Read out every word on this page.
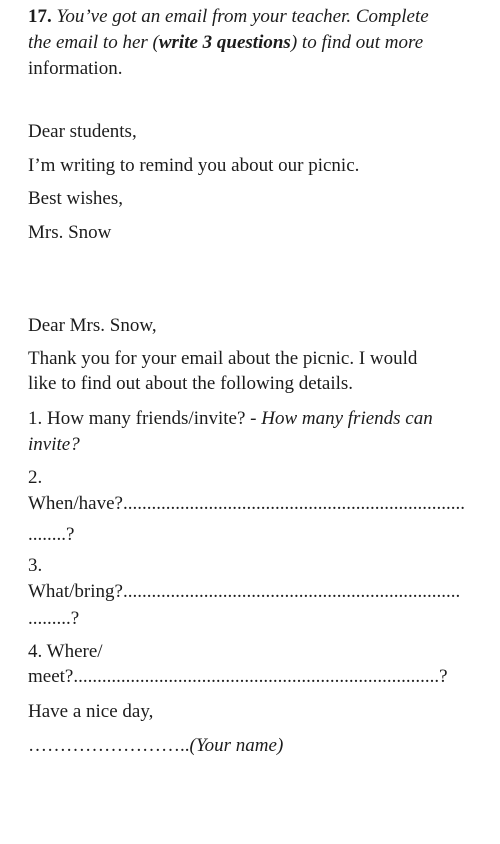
17. You’ve got an email from your teacher. Complete
the email to her (write 3 questions) to find out more
information.
Dear students,
I’m writing to remind you about our picnic.
Best wishes,
Mrs. Snow
Dear Mrs. Snow,
Thank you for your email about the picnic. I would
like to find out about the following details.
1. How many friends/invite? - How many friends can
invite?
2.
When/have?........................................................................
........?
3.
What/bring?.......................................................................
.........?
4. Where/
meet?.............................................................................?
Have a nice day,
……………………..(Your name)
